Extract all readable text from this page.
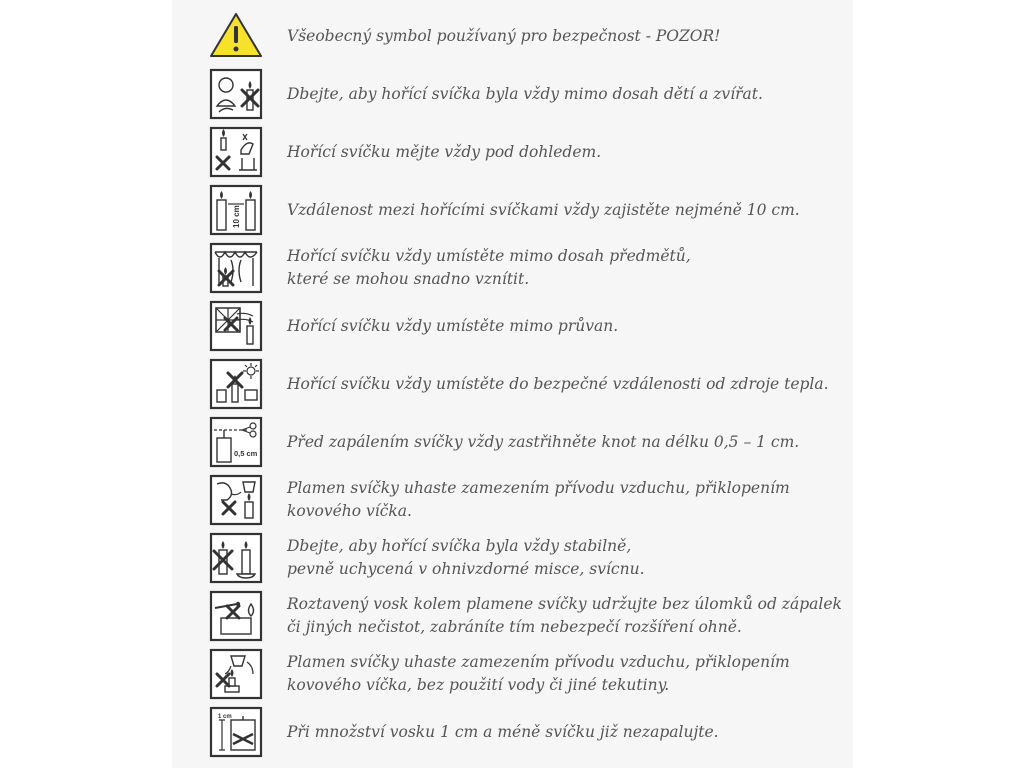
Všeobecný symbol používaný pro bezpečnost - POZOR!
Dbejte, aby hořící svíčka byla vždy mimo dosah dětí a zvířat.
Hořící svíčku mějte vždy pod dohledem.
10 cm	Vzdálenost mezi hořícími svíčkami vždy zajistěte nejméně 10 cm.
Hořící svíčku vždy umístěte mimo dosah předmětů,
které se mohou snadno vznítit.
Hořící svíčku vždy umístěte mimo průvan.
Hořící svíčku vždy umístěte do bezpečné vzdálenosti od zdroje tepla.
0,5 cm
Před zapálením svíčky vždy zastřihněte knot na délku 0,5 – 1 cm.
Plamen svíčky uhaste zamezením přívodu vzduchu, přiklopením
kovového víčka.
Dbejte, aby hořící svíčka byla vždy stabilně,
pevně uchycená v ohnivzdorné misce, svícnu.
Roztavený vosk kolem plamene svíčky udržujte bez úlomků od zápalek
či jiných nečistot, zabráníte tím nebezpečí rozšíření ohně.
Plamen svíčky uhaste zamezením přívodu vzduchu, přiklopením
kovového víčka, bez použití vody či jiné tekutiny.
1 cm
Při množství vosku 1 cm a méně svíčku již nezapalujte.
